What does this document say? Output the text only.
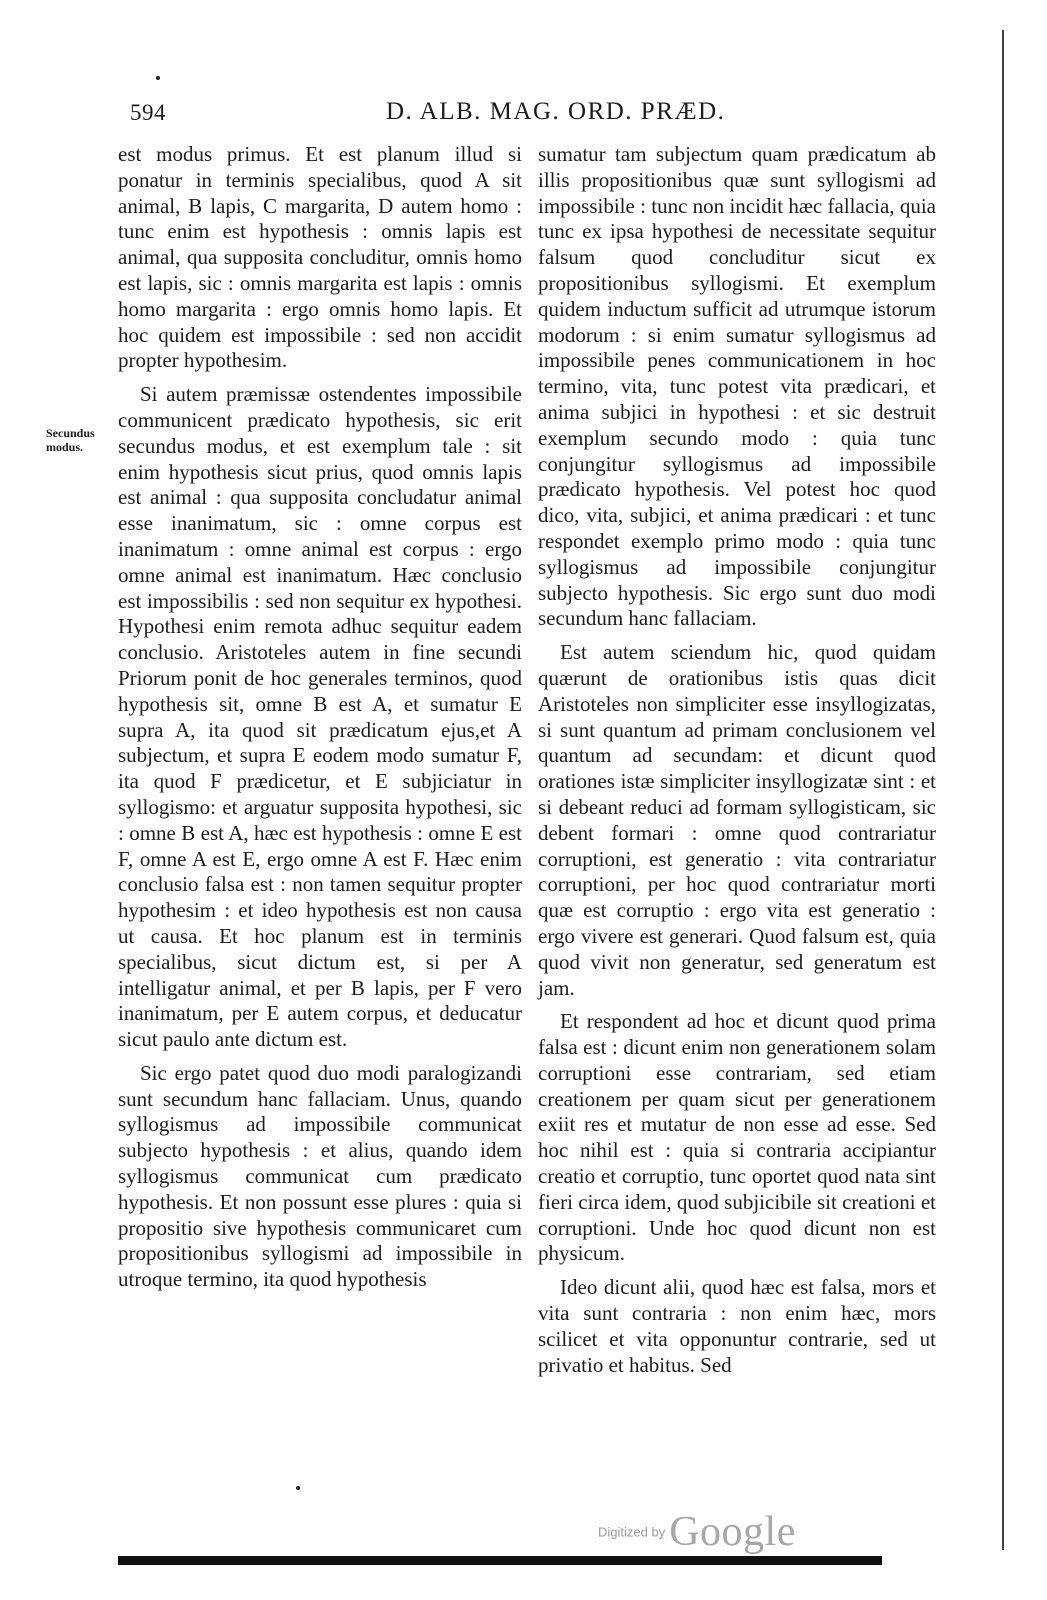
594	D. ALB. MAG. ORD. PRÆD.
Secundus
modus.

est modus primus. Et est planum illud si ponatur in terminis specialibus, quod A sit animal, B lapis, C margarita, D autem homo : tunc enim est hypothesis : omnis lapis est animal, qua supposita concluditur, omnis homo est lapis, sic : omnis margarita est lapis : omnis homo margarita : ergo omnis homo lapis. Et hoc quidem est impossibile : sed non accidit propter hypothesim.

Si autem præmissæ ostendentes impossibile communicent prædicato hypothesis, sic erit secundus modus, et est exemplum tale : sit enim hypothesis sicut prius, quod omnis lapis est animal : qua supposita concludatur animal esse inanimatum, sic : omne corpus est inanimatum : omne animal est corpus : ergo omne animal est inanimatum. Hæc conclusio est impossibilis : sed non sequitur ex hypothesi. Hypothesi enim remota adhuc sequitur eadem conclusio. Aristoteles autem in fine secundi Priorum ponit de hoc generales terminos, quod hypothesis sit, omne B est A, et sumatur E supra A, ita quod sit prædicatum ejus,et A subjectum, et supra E eodem modo sumatur F, ita quod F prædicetur, et E subjiciatur in syllogismo: et arguatur supposita hypothesi, sic : omne B est A, hæc est hypothesis : omne E est F, omne A est E, ergo omne A est F. Hæc enim conclusio falsa est : non tamen sequitur propter hypothesim : et ideo hypothesis est non causa ut causa. Et hoc planum est in terminis specialibus, sicut dictum est, si per A intelligatur animal, et per B lapis, per F vero inanimatum, per E autem corpus, et deducatur sicut paulo ante dictum est.

Sic ergo patet quod duo modi paralogizandi sunt secundum hanc fallaciam. Unus, quando syllogismus ad impossibile communicat subjecto hypothesis : et alius, quando idem syllogismus communicat cum prædicato hypothesis. Et non possunt esse plures : quia si propositio sive hypothesis communicaret cum propositionibus syllogismi ad impossibile in utroque termino, ita quod hypothesis

sumatur tam subjectum quam prædicatum ab illis propositionibus quæ sunt syllogismi ad impossibile : tunc non incidit hæc fallacia, quia tunc ex ipsa hypothesi de necessitate sequitur falsum quod concluditur sicut ex propositionibus syllogismi. Et exemplum quidem inductum sufficit ad utrumque istorum modorum : si enim sumatur syllogismus ad impossibile penes communicationem in hoc termino, vita, tunc potest vita prædicari, et anima subjici in hypothesi : et sic destruit exemplum secundo modo : quia tunc conjungitur syllogismus ad impossibile prædicato hypothesis. Vel potest hoc quod dico, vita, subjici, et anima prædicari : et tunc respondet exemplo primo modo : quia tunc syllogismus ad impossibile conjungitur subjecto hypothesis. Sic ergo sunt duo modi secundum hanc fallaciam.

Est autem sciendum hic, quod quidam quærunt de orationibus istis quas dicit Aristoteles non simpliciter esse insyllogizatas, si sunt quantum ad primam conclusionem vel quantum ad secundam: et dicunt quod orationes istæ simpliciter insyllogizatæ sint : et si debeant reduci ad formam syllogisticam, sic debent formari : omne quod contrariatur corruptioni, est generatio : vita contrariatur corruptioni, per hoc quod contrariatur morti quæ est corruptio : ergo vita est generatio : ergo vivere est generari. Quod falsum est, quia quod vivit non generatur, sed generatum est jam.

Et respondent ad hoc et dicunt quod prima falsa est : dicunt enim non generationem solam corruptioni esse contrariam, sed etiam creationem per quam sicut per generationem exiit res et mutatur de non esse ad esse. Sed hoc nihil est : quia si contraria accipiantur creatio et corruptio, tunc oportet quod nata sint fieri circa idem, quod subjicibile sit creationi et corruptioni. Unde hoc quod dicunt non est physicum.

Ideo dicunt alii, quod hæc est falsa, mors et vita sunt contraria : non enim hæc, mors scilicet et vita opponuntur contrarie, sed ut privatio et habitus. Sed

Digitized by Google
